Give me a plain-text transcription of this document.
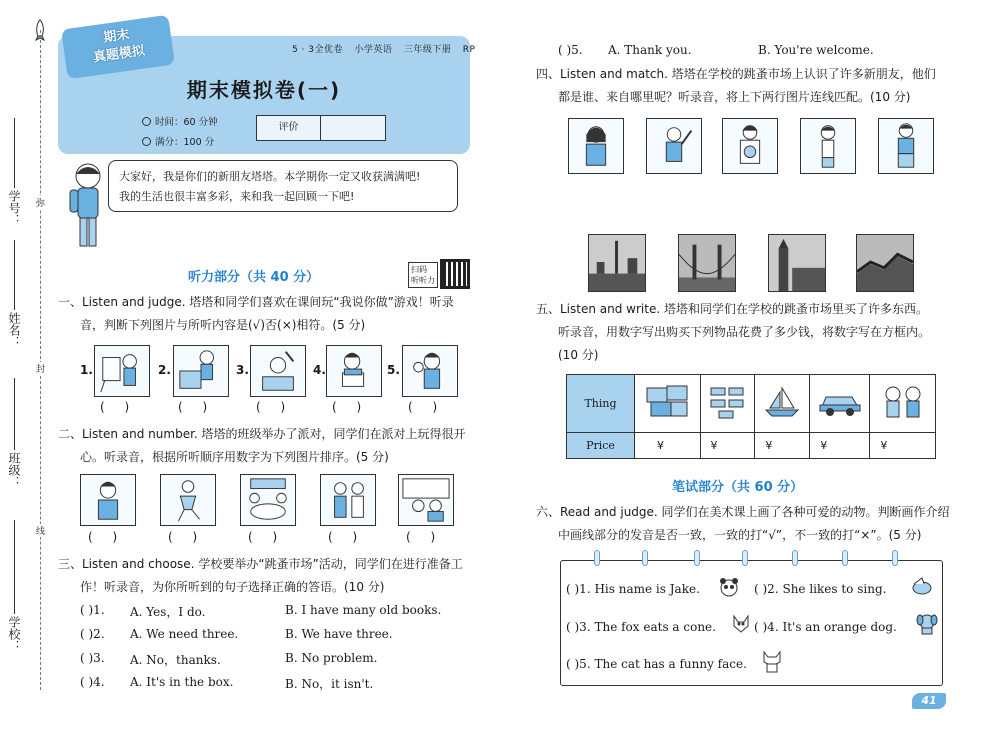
学号：
姓名：
班级：
学校：
弥
封
线
期末
真题模拟	5 · 3全优卷 小学英语 三年级下册 RP
期末模拟卷(一)
时间：60 分钟
满分：100 分
评价
大家好，我是你们的新朋友塔塔。本学期你一定又收获满满吧!
我的生活也很丰富多彩，来和我一起回顾一下吧!
听力部分（共 40 分）
扫码
听听力
一、Listen and judge. 塔塔和同学们喜欢在课间玩“我说你做”游戏！听录
音，判断下列图片与所听内容是(√)否(×)相符。(5 分)
1.	2.	3.	4.	5.
( )	( )	( )	( )	( )
二、Listen and number. 塔塔的班级举办了派对，同学们在派对上玩得很开
心。听录音，根据所听顺序用数字为下列图片排序。(5 分)
( )	( )	( )	( )	( )
三、Listen and choose. 学校要举办“跳蚤市场”活动，同学们在进行准备工
作！听录音，为你所听到的句子选择正确的答语。(10 分)
( )1. A. Yes，I do.	B. I have many old books.
( )2. A. We need three.	B. We have three.
( )3. A. No，thanks.	B. No problem.
( )4. A. It's in the box.	B. No，it isn't.
( )5. A. Thank you.	B. You're welcome.
四、Listen and match. 塔塔在学校的跳蚤市场上认识了许多新朋友，他们
都是谁、来自哪里呢？听录音，将上下两行图片连线匹配。(10 分)
五、Listen and write. 塔塔和同学们在学校的跳蚤市场里买了许多东西。
听录音，用数字写出购买下列物品花费了多少钱，将数字写在方框内。
(10 分)
Thing					
Price	¥	¥	¥	¥	¥
笔试部分（共 60 分）
六、Read and judge. 同学们在美术课上画了各种可爱的动物。判断画作介绍
中画线部分的发音是否一致，一致的打“√”，不一致的打“×”。(5 分)
( )1. His name is Jake.	( )2. She likes to sing.
( )3. The fox eats a cone.	( )4. It's an orange dog.
( )5. The cat has a funny face.
41
